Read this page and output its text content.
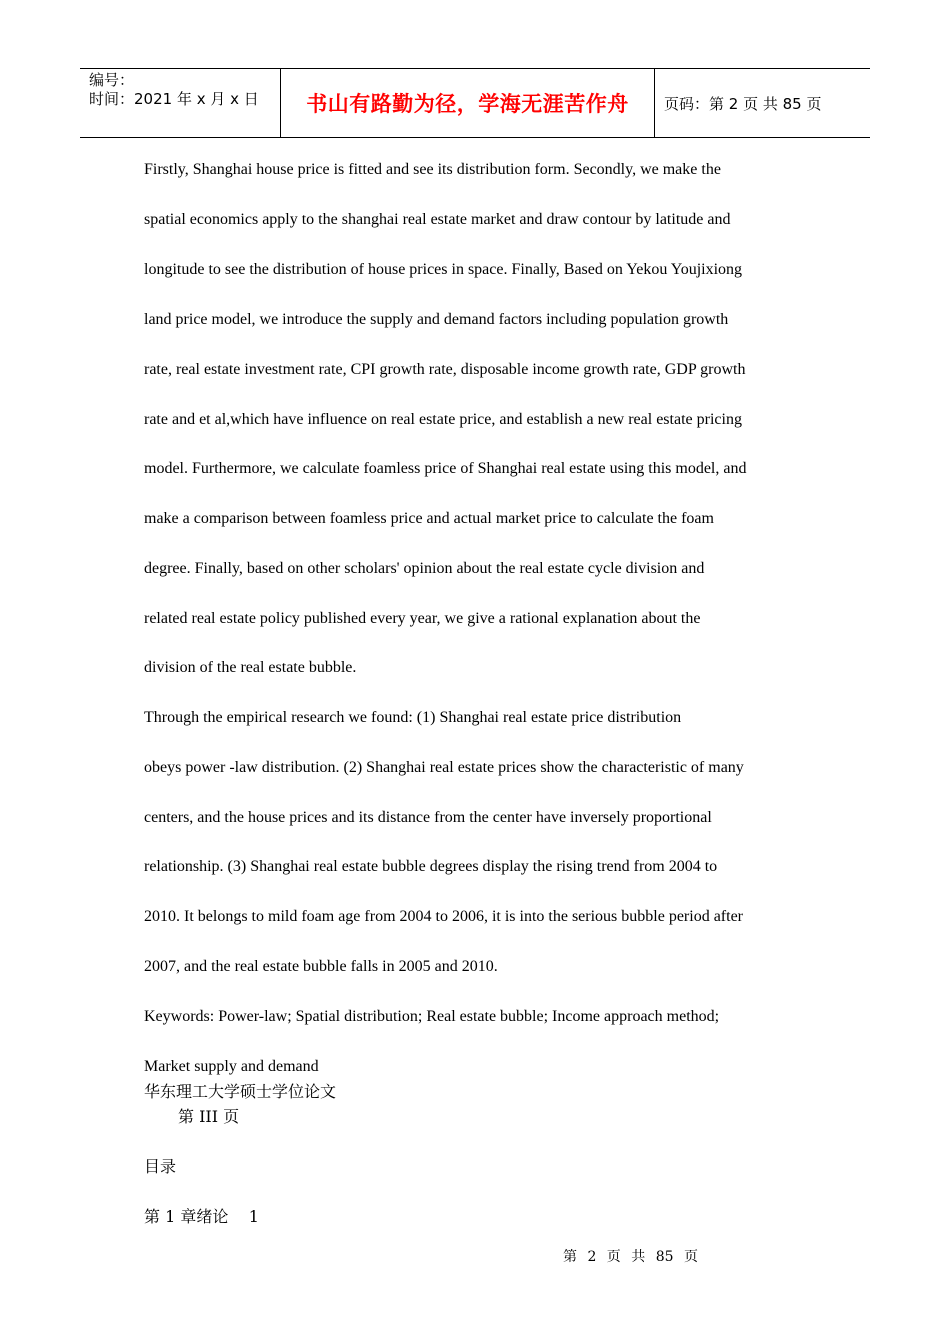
编号：
时间：2021 年 x 月 x 日	书山有路勤为径，学海无涯苦作舟	页码：第 2 页 共 85 页
Firstly, Shanghai house price is fitted and see its distribution form. Secondly, we make the
spatial economics apply to the shanghai real estate market and draw contour by latitude and
longitude to see the distribution of house prices in space. Finally, Based on Yekou Youjixiong
land price model, we introduce the supply and demand factors including population growth
rate, real estate investment rate, CPI growth rate, disposable income growth rate, GDP growth
rate and et al,which have influence on real estate price, and establish a new real estate pricing
model. Furthermore, we calculate foamless price of Shanghai real estate using this model, and
make a comparison between foamless price and actual market price to calculate the foam
degree. Finally, based on other scholars' opinion about the real estate cycle division and
related real estate policy published every year, we give a rational explanation about the
division of the real estate bubble.
Through the empirical research we found: (1) Shanghai real estate price distribution
obeys power -law distribution. (2) Shanghai real estate prices show the characteristic of many
centers, and the house prices and its distance from the center have inversely proportional
relationship. (3) Shanghai real estate bubble degrees display the rising trend from 2004 to
2010. It belongs to mild foam age from 2004 to 2006, it is into the serious bubble period after
2007, and the real estate bubble falls in 2005 and 2010.
Keywords: Power-law; Spatial distribution; Real estate bubble; Income approach method;
Market supply and demand
华东理工大学硕士学位论文
第 III 页
目录
第 1 章绪论    1
第 2 页 共 85 页
